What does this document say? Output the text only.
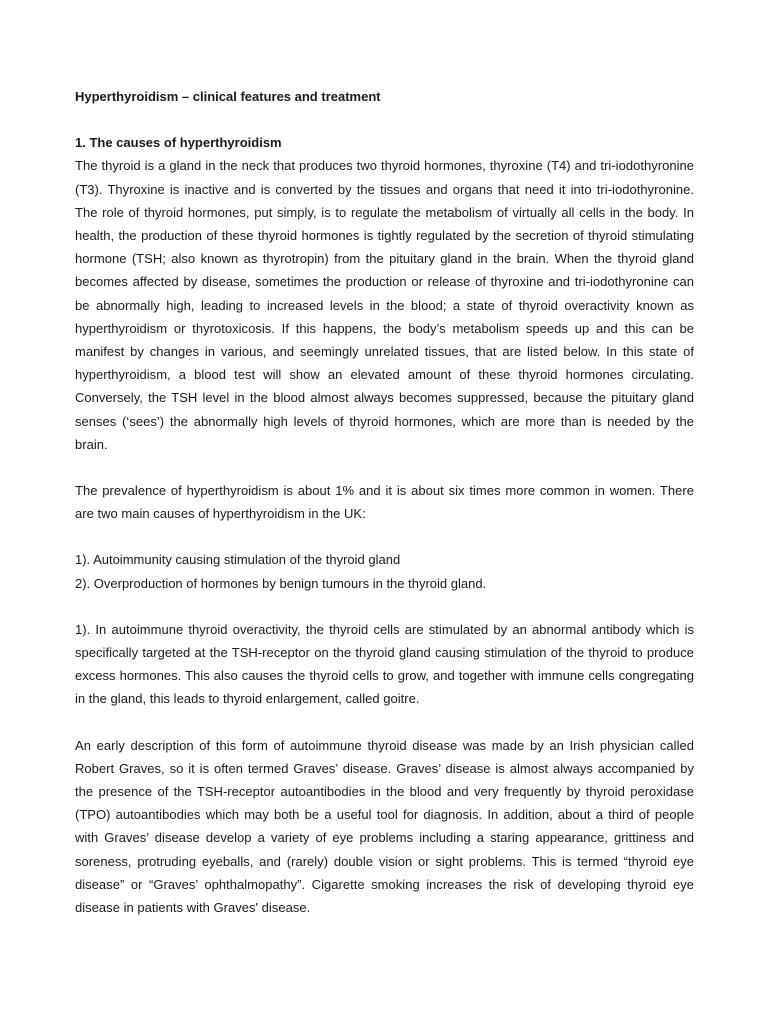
Hyperthyroidism – clinical features and treatment
1. The causes of hyperthyroidism

The thyroid is a gland in the neck that produces two thyroid hormones, thyroxine (T4) and tri-iodothyronine (T3). Thyroxine is inactive and is converted by the tissues and organs that need it into tri-iodothyronine. The role of thyroid hormones, put simply, is to regulate the metabolism of virtually all cells in the body. In health, the production of these thyroid hormones is tightly regulated by the secretion of thyroid stimulating hormone (TSH; also known as thyrotropin) from the pituitary gland in the brain. When the thyroid gland becomes affected by disease, sometimes the production or release of thyroxine and tri-iodothyronine can be abnormally high, leading to increased levels in the blood; a state of thyroid overactivity known as hyperthyroidism or thyrotoxicosis. If this happens, the body’s metabolism speeds up and this can be manifest by changes in various, and seemingly unrelated tissues, that are listed below. In this state of hyperthyroidism, a blood test will show an elevated amount of these thyroid hormones circulating. Conversely, the TSH level in the blood almost always becomes suppressed, because the pituitary gland senses (‘sees’) the abnormally high levels of thyroid hormones, which are more than is needed by the brain.

The prevalence of hyperthyroidism is about 1% and it is about six times more common in women. There are two main causes of hyperthyroidism in the UK:

1). Autoimmunity causing stimulation of the thyroid gland
2). Overproduction of hormones by benign tumours in the thyroid gland.

1). In autoimmune thyroid overactivity, the thyroid cells are stimulated by an abnormal antibody which is specifically targeted at the TSH-receptor on the thyroid gland causing stimulation of the thyroid to produce excess hormones. This also causes the thyroid cells to grow, and together with immune cells congregating in the gland, this leads to thyroid enlargement, called goitre.

An early description of this form of autoimmune thyroid disease was made by an Irish physician called Robert Graves, so it is often termed Graves’ disease. Graves’ disease is almost always accompanied by the presence of the TSH-receptor autoantibodies in the blood and very frequently by thyroid peroxidase (TPO) autoantibodies which may both be a useful tool for diagnosis. In addition, about a third of people with Graves’ disease develop a variety of eye problems including a staring appearance, grittiness and soreness, protruding eyeballs, and (rarely) double vision or sight problems. This is termed “thyroid eye disease” or “Graves’ ophthalmopathy”. Cigarette smoking increases the risk of developing thyroid eye disease in patients with Graves' disease.
